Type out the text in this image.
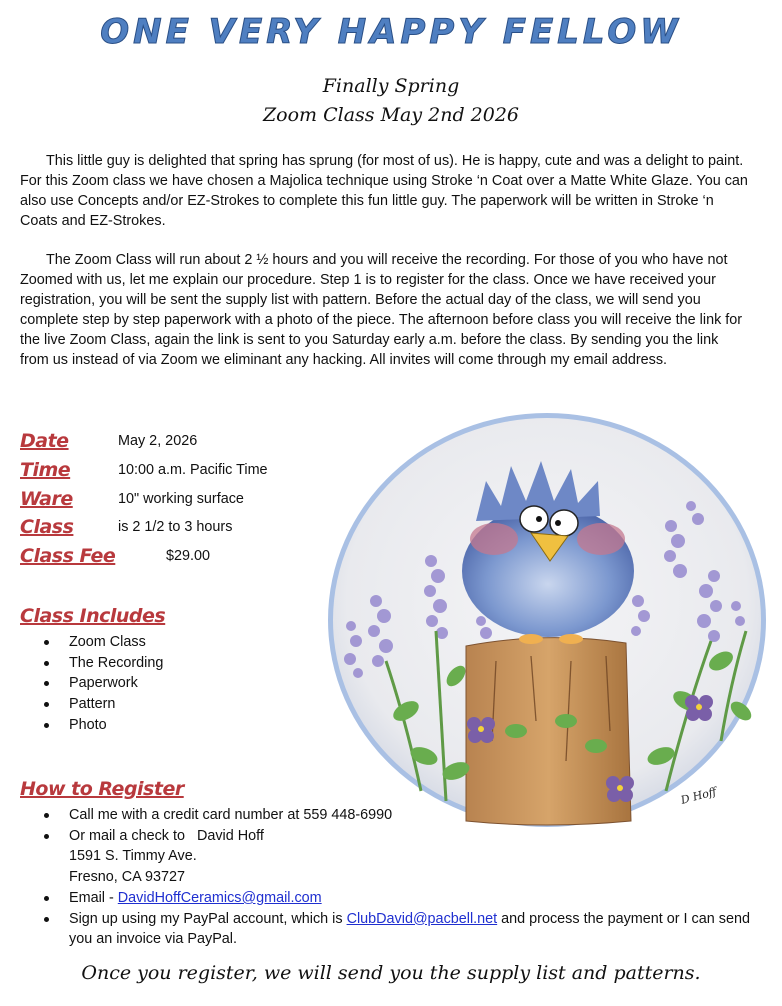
ONE VERY HAPPY FELLOW
Finally Spring
Zoom Class May 2nd 2026
This little guy is delighted that spring has sprung (for most of us). He is happy, cute and was a delight to paint. For this Zoom class we have chosen a Majolica technique using Stroke ‘n Coat over a Matte White Glaze. You can also use Concepts and/or EZ-Strokes to complete this fun little guy. The paperwork will be written in Stroke ‘n Coats and EZ-Strokes.
The Zoom Class will run about 2 ½ hours and you will receive the recording. For those of you who have not Zoomed with us, let me explain our procedure. Step 1 is to register for the class. Once we have received your registration, you will be sent the supply list with pattern. Before the actual day of the class, we will send you complete step by step paperwork with a photo of the piece. The afternoon before class you will receive the link for the live Zoom Class, again the link is sent to you Saturday early a.m. before the class. By sending you the link from us instead of via Zoom we eliminant any hacking. All invites will come through my email address.
Date	May 2, 2026
Time	10:00 a.m. Pacific Time
Ware	10" working surface
Class	is 2 1/2 to 3 hours
Class Fee	$29.00
Class Includes
Zoom Class
The Recording
Paperwork
Pattern
Photo
How to Register
Call me with a credit card number at 559 448-6990
Or mail a check to David Hoff
1591 S. Timmy Ave.
Fresno, CA 93727
Email - DavidHoffCeramics@gmail.com
Sign up using my PayPal account, which is ClubDavid@pacbell.net and process the payment or I can send you an invoice via PayPal.
D Hoff
Once you register, we will send you the supply list and patterns.
